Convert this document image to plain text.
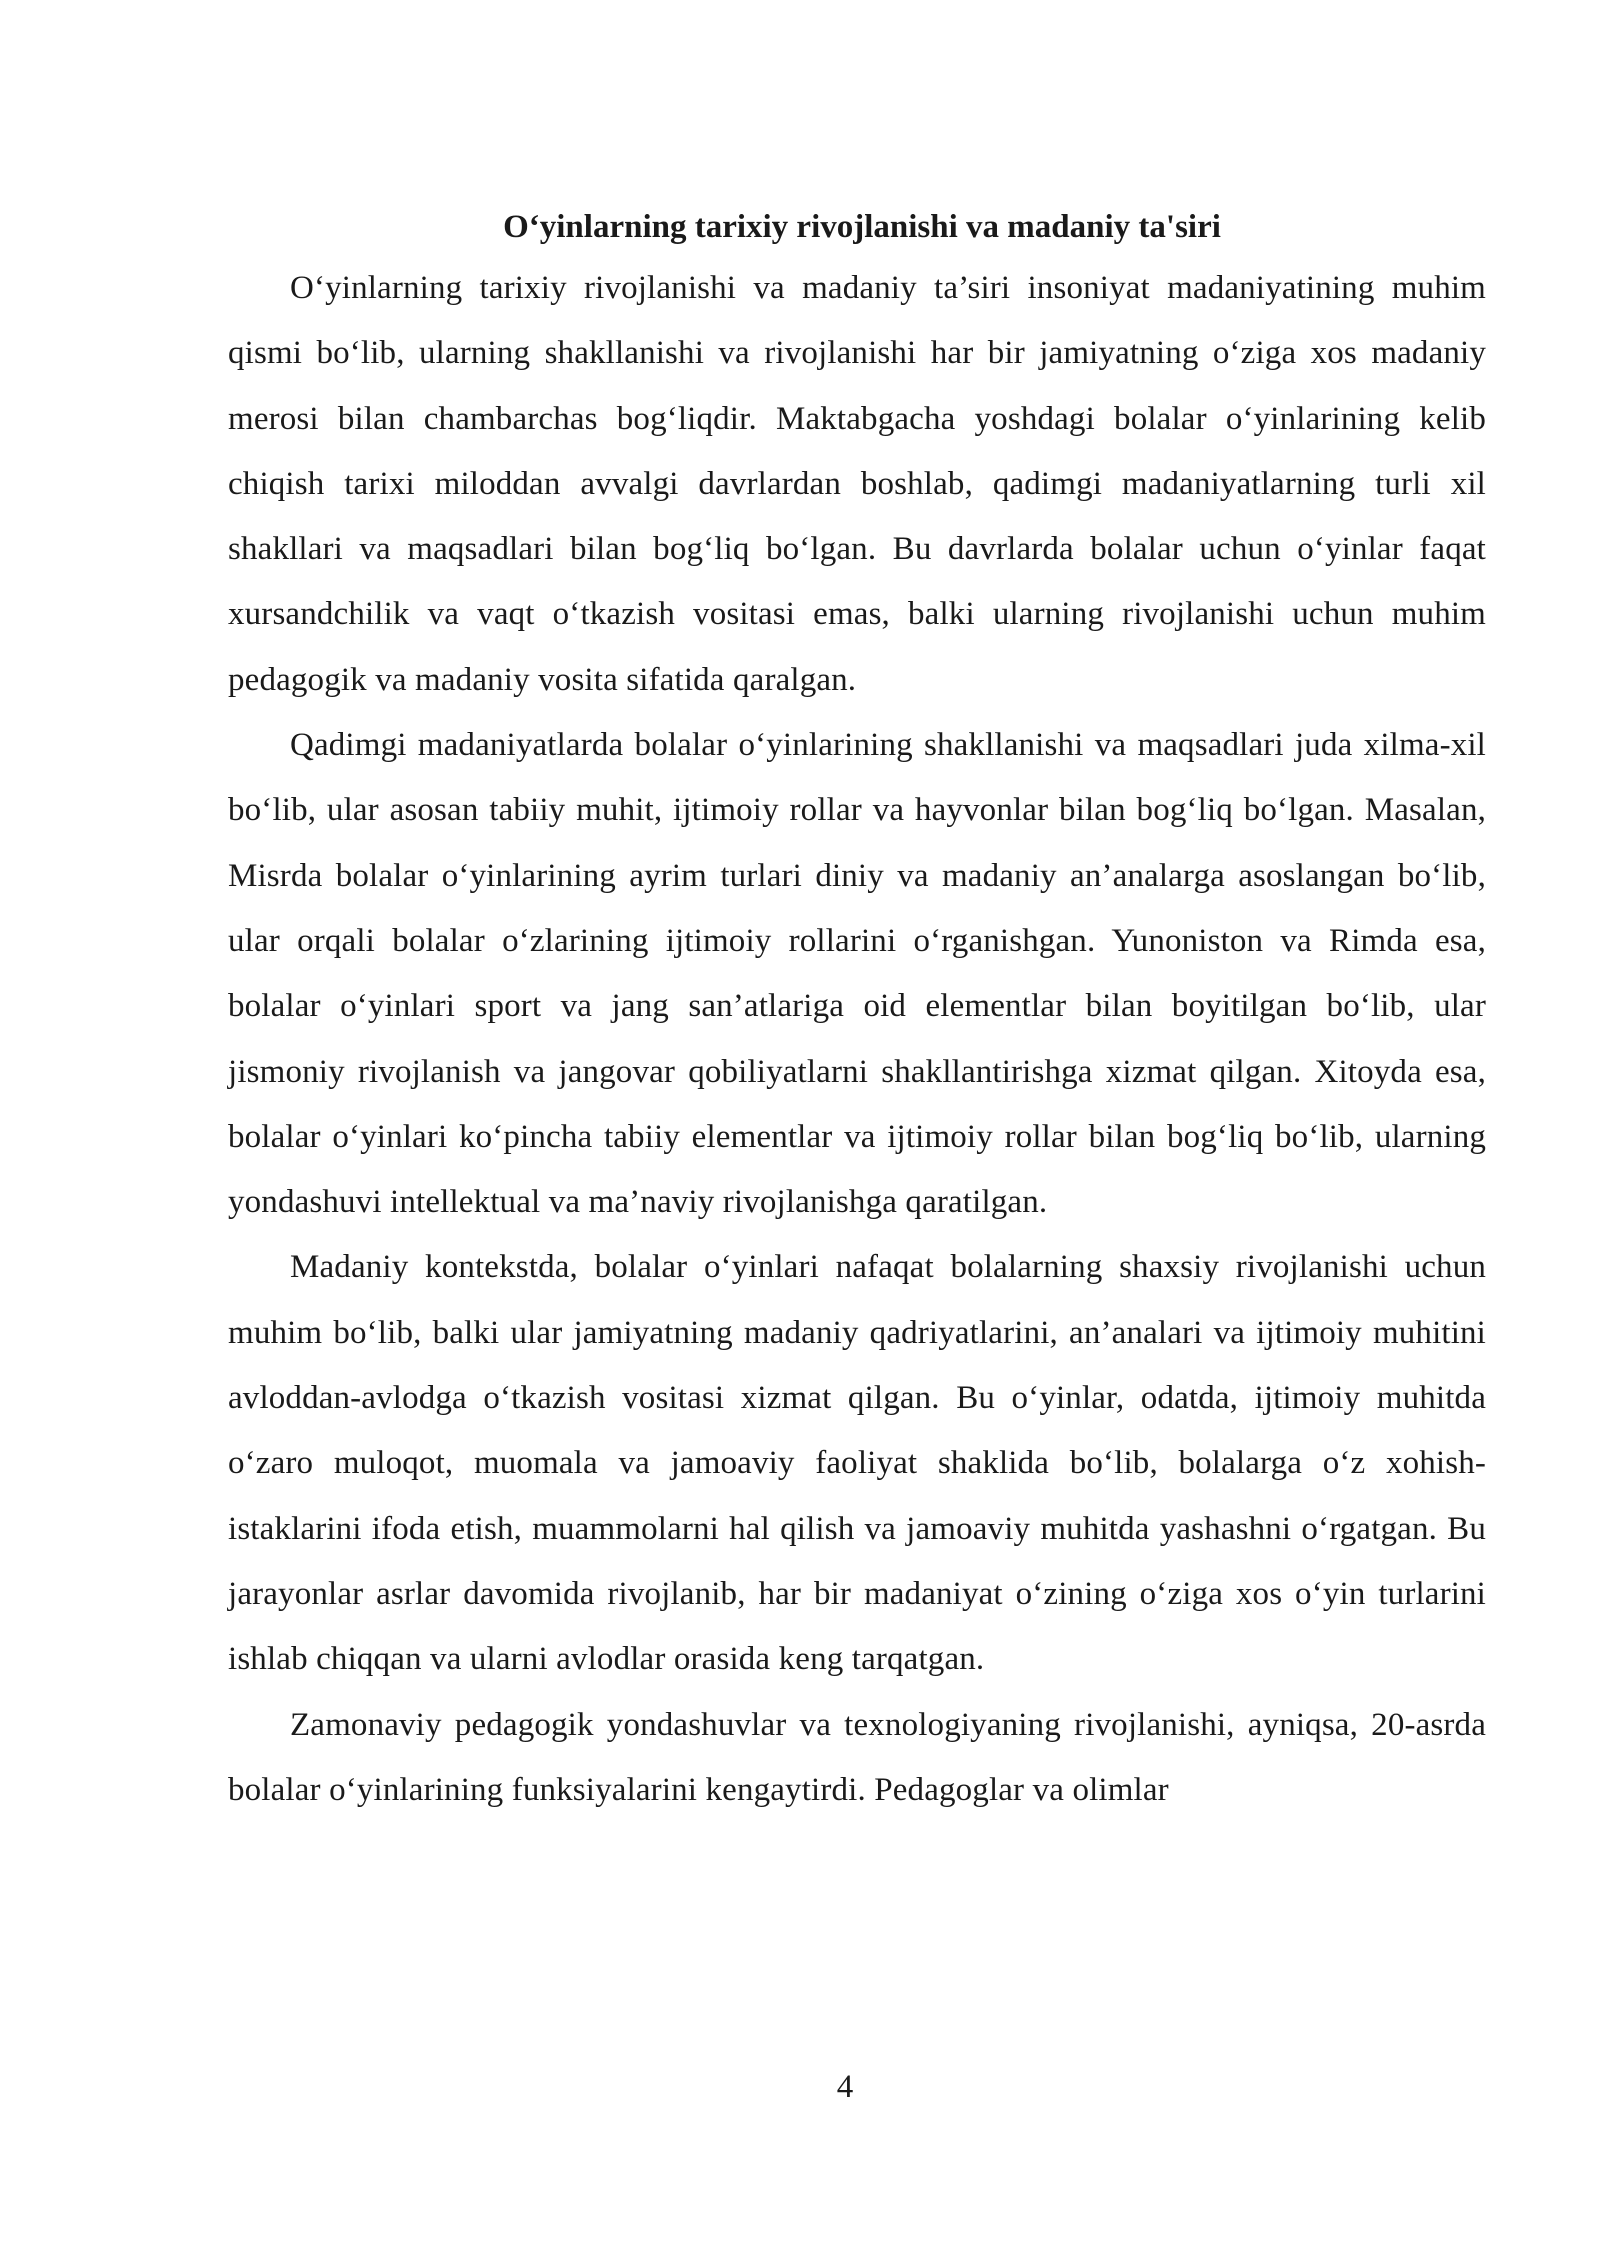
O‘yinlarning tarixiy rivojlanishi va madaniy ta'siri

O‘yinlarning tarixiy rivojlanishi va madaniy ta’siri insoniyat madaniyatining muhim qismi bo‘lib, ularning shakllanishi va rivojlanishi har bir jamiyatning o‘ziga xos madaniy merosi bilan chambarchas bog‘liqdir. Maktabgacha yoshdagi bolalar o‘yinlarining kelib chiqish tarixi miloddan avvalgi davrlardan boshlab, qadimgi madaniyatlarning turli xil shakllari va maqsadlari bilan bog‘liq bo‘lgan. Bu davrlarda bolalar uchun o‘yinlar faqat xursandchilik va vaqt o‘tkazish vositasi emas, balki ularning rivojlanishi uchun muhim pedagogik va madaniy vosita sifatida qaralgan.

Qadimgi madaniyatlarda bolalar o‘yinlarining shakllanishi va maqsadlari juda xilma-xil bo‘lib, ular asosan tabiiy muhit, ijtimoiy rollar va hayvonlar bilan bog‘liq bo‘lgan. Masalan, Misrda bolalar o‘yinlarining ayrim turlari diniy va madaniy an’analarga asoslangan bo‘lib, ular orqali bolalar o‘zlarining ijtimoiy rollarini o‘rganishgan. Yunoniston va Rimda esa, bolalar o‘yinlari sport va jang san’atlariga oid elementlar bilan boyitilgan bo‘lib, ular jismoniy rivojlanish va jangovar qobiliyatlarni shakllantirishga xizmat qilgan. Xitoyda esa, bolalar o‘yinlari ko‘pincha tabiiy elementlar va ijtimoiy rollar bilan bog‘liq bo‘lib, ularning yondashuvi intellektual va ma’naviy rivojlanishga qaratilgan.

Madaniy kontekstda, bolalar o‘yinlari nafaqat bolalarning shaxsiy rivojlanishi uchun muhim bo‘lib, balki ular jamiyatning madaniy qadriyatlarini, an’analari va ijtimoiy muhitini avloddan-avlodga o‘tkazish vositasi xizmat qilgan. Bu o‘yinlar, odatda, ijtimoiy muhitda o‘zaro muloqot, muomala va jamoaviy faoliyat shaklida bo‘lib, bolalarga o‘z xohish-istaklarini ifoda etish, muammolarni hal qilish va jamoaviy muhitda yashashni o‘rgatgan. Bu jarayonlar asrlar davomida rivojlanib, har bir madaniyat o‘zining o‘ziga xos o‘yin turlarini ishlab chiqqan va ularni avlodlar orasida keng tarqatgan.

Zamonaviy pedagogik yondashuvlar va texnologiyaning rivojlanishi, ayniqsa, 20-asrda bolalar o‘yinlarining funksiyalarini kengaytirdi. Pedagoglar va olimlar

4
